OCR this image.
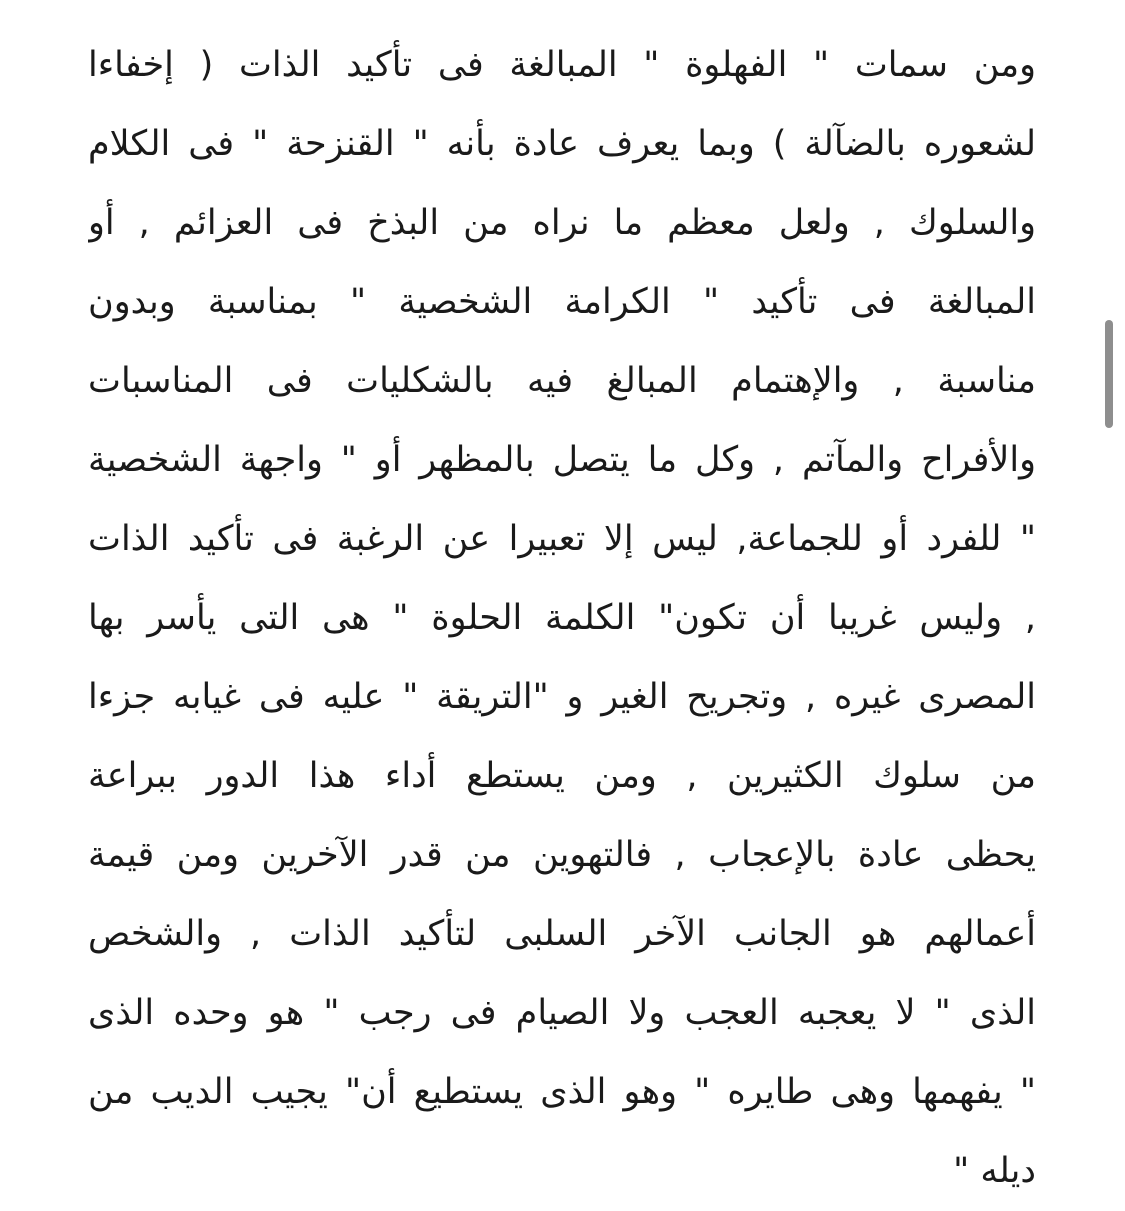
ومن سمات " الفهلوة " المبالغة فى تأكيد الذات ( إخفاءا
لشعوره بالضآلة ) وبما يعرف عادة بأنه " القنزحة " فى الكلام
والسلوك , ولعل معظم ما نراه من البذخ فى العزائم , أو
المبالغة فى تأكيد " الكرامة الشخصية " بمناسبة وبدون
مناسبة , والإهتمام المبالغ فيه بالشكليات فى المناسبات
والأفراح والمآتم , وكل ما يتصل بالمظهر أو " واجهة الشخصية
" للفرد أو للجماعة, ليس إلا تعبيرا عن الرغبة فى تأكيد الذات
, وليس غريبا أن تكون" الكلمة الحلوة " هى التى يأسر بها
المصرى غيره , وتجريح الغير و "التريقة " عليه فى غيابه جزءا
من سلوك الكثيرين , ومن يستطع أداء هذا الدور ببراعة
يحظى عادة بالإعجاب , فالتهوين من قدر الآخرين ومن قيمة
أعمالهم هو الجانب الآخر السلبى لتأكيد الذات , والشخص
الذى " لا يعجبه العجب ولا الصيام فى رجب " هو وحده الذى
" يفهمها وهى طايره " وهو الذى يستطيع أن" يجيب الديب من
ديله "
